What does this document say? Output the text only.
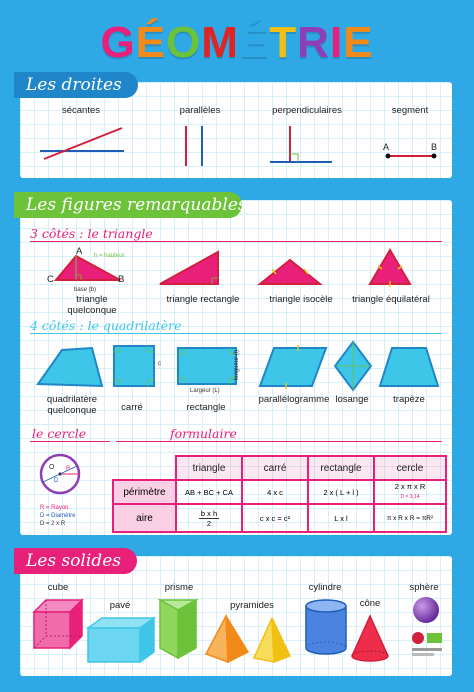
GÉOMÉTRIE
Les droites
sécantes	parallèles	perpendiculaires	segment
A	B
Les figures remarquables
3 côtés : le triangle
A
C	B
h = hauteur
base (b)
triangle quelconque
triangle rectangle	triangle isocèle	triangle équilatéral
4 côtés : le quadrilatère
c
Largeur (L)
longueur (l)
quadrilatère quelconque	carré	rectangle
parallélogramme losange	trapèze
le cercle	formulaire
O R
D
R = Rayon
D = Diamètre
D = 2 x R
	triangle	carré	rectangle	cercle
périmètre	AB + BC + CA	4 x c	2 x ( L + l )	2 x π x R
D = 3,14
aire	$\frac{\text{b x h}}{2}$	c x c = c²	L x l	π x R x R = πR²
Les solides
cube
pavé
prisme
pyramides
cylindre
cône
sphère
